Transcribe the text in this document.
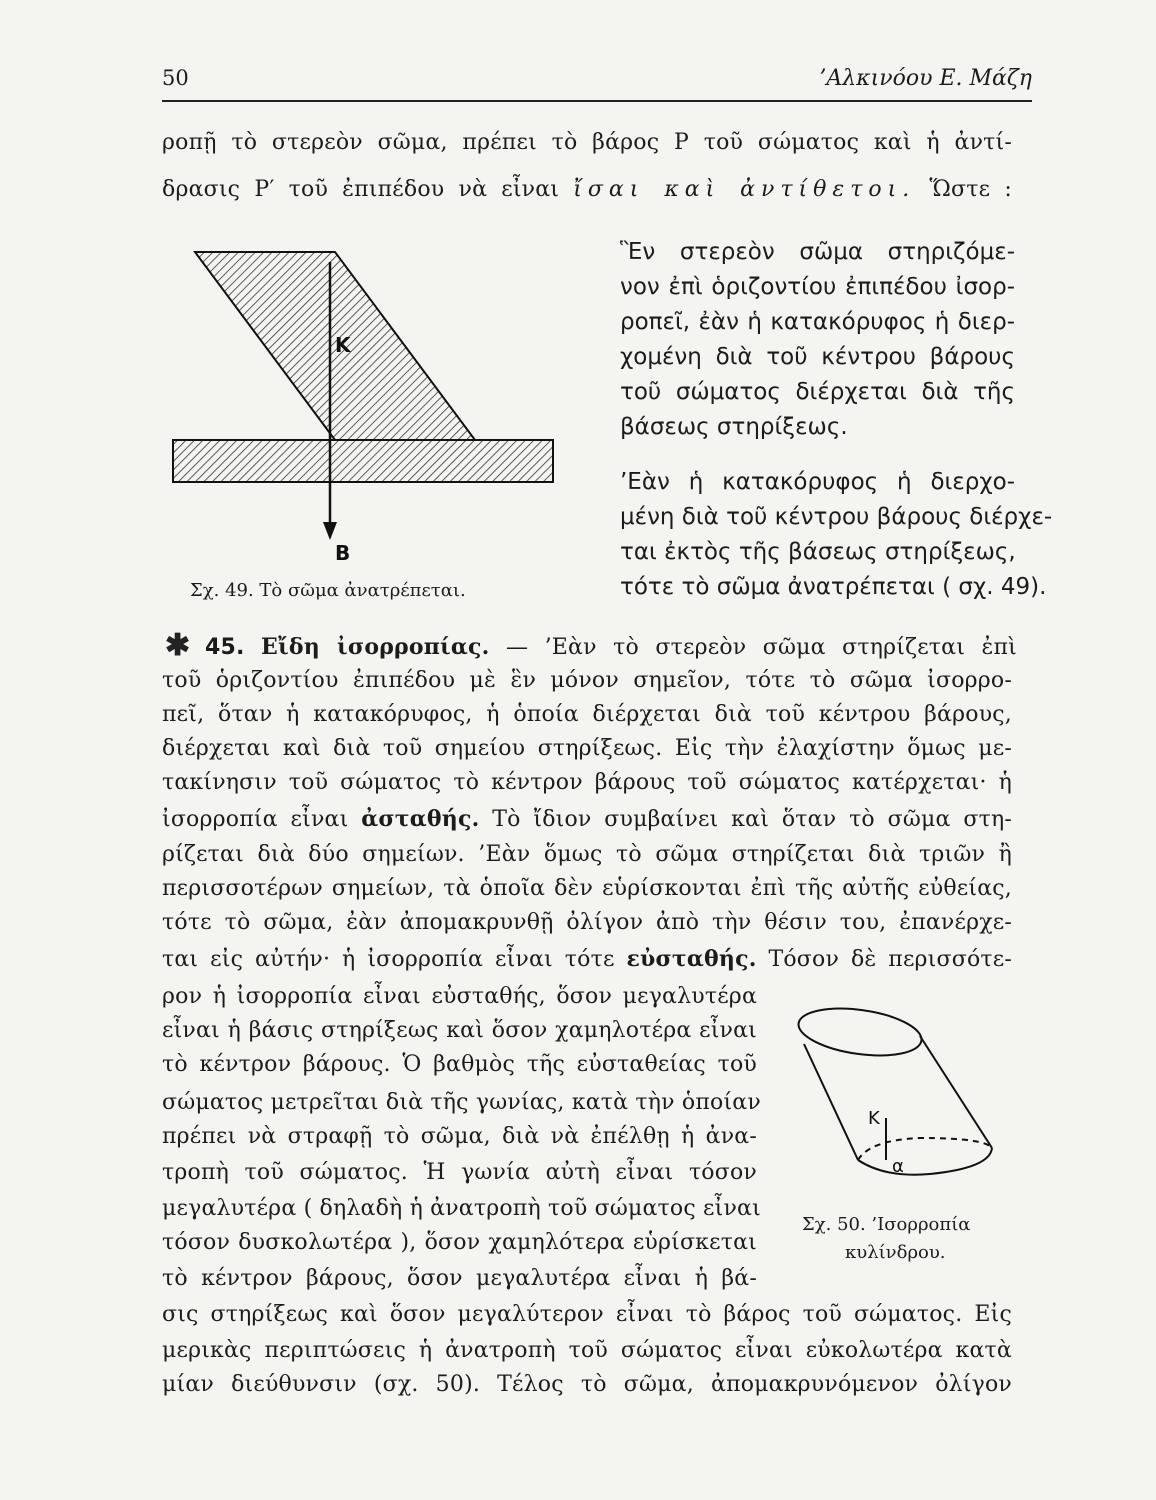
50	’Αλκινόου Ε. Μάζη
ροπῇ τὸ στερεὸν σῶμα, πρέπει τὸ βάρος Ρ τοῦ σώματος καὶ ἡ ἀντί-
δρασις Ρ′ τοῦ ἐπιπέδου νὰ εἶναι ἴσαι καὶ ἀντίθετοι. Ὥστε :
K
B
Σχ. 49. Τὸ σῶμα ἀνατρέπεται.
Ἓν στερεὸν σῶμα στηριζόμε-
νον ἐπὶ ὁριζοντίου ἐπιπέδου ἰσορ-
ροπεῖ, ἐὰν ἡ κατακόρυφος ἡ διερ-
χομένη διὰ τοῦ κέντρου βάρους
τοῦ σώματος διέρχεται διὰ τῆς
βάσεως στηρίξεως.
’Εὰν ἡ κατακόρυφος ἡ διερχο-
μένη διὰ τοῦ κέντρου βάρους διέρχε-
ται ἐκτὸς τῆς βάσεως στηρίξεως,
τότε τὸ σῶμα ἀνατρέπεται ( σχ. 49).
✱ 45. Εἴδη ἰσορροπίας. — ’Εὰν τὸ στερεὸν σῶμα στηρίζεται ἐπὶ
τοῦ ὁριζοντίου ἐπιπέδου μὲ ἓν μόνον σημεῖον, τότε τὸ σῶμα ἰσορρο-
πεῖ, ὅταν ἡ κατακόρυφος, ἡ ὁποία διέρχεται διὰ τοῦ κέντρου βάρους,
διέρχεται καὶ διὰ τοῦ σημείου στηρίξεως. Εἰς τὴν ἐλαχίστην ὅμως με-
τακίνησιν τοῦ σώματος τὸ κέντρον βάρους τοῦ σώματος κατέρχεται· ἡ
ἰσορροπία εἶναι ἀσταθής. Τὸ ἴδιον συμβαίνει καὶ ὅταν τὸ σῶμα στη-
ρίζεται διὰ δύο σημείων. ’Εὰν ὅμως τὸ σῶμα στηρίζεται διὰ τριῶν ἢ
περισσοτέρων σημείων, τὰ ὁποῖα δὲν εὑρίσκονται ἐπὶ τῆς αὐτῆς εὐθείας,
τότε τὸ σῶμα, ἐὰν ἀπομακρυνθῇ ὀλίγον ἀπὸ τὴν θέσιν του, ἐπανέρχε-
ται εἰς αὐτήν· ἡ ἰσορροπία εἶναι τότε εὐσταθής. Τόσον δὲ περισσότε-
ρον ἡ ἰσορροπία εἶναι εὐσταθής, ὅσον μεγαλυτέρα
εἶναι ἡ βάσις στηρίξεως καὶ ὅσον χαμηλοτέρα εἶναι
τὸ κέντρον βάρους. Ὁ βαθμὸς τῆς εὐσταθείας τοῦ
σώματος μετρεῖται διὰ τῆς γωνίας, κατὰ τὴν ὁποίαν
πρέπει νὰ στραφῇ τὸ σῶμα, διὰ νὰ ἐπέλθῃ ἡ ἀνα-
τροπὴ τοῦ σώματος. Ἡ γωνία αὐτὴ εἶναι τόσον
μεγαλυτέρα ( δηλαδὴ ἡ ἀνατροπὴ τοῦ σώματος εἶναι
τόσον δυσκολωτέρα ), ὅσον χαμηλότερα εὑρίσκεται
τὸ κέντρον βάρους, ὅσον μεγαλυτέρα εἶναι ἡ βά-
σις στηρίξεως καὶ ὅσον μεγαλύτερον εἶναι τὸ βάρος τοῦ σώματος. Εἰς
μερικὰς περιπτώσεις ἡ ἀνατροπὴ τοῦ σώματος εἶναι εὐκολωτέρα κατὰ
μίαν διεύθυνσιν (σχ. 50). Τέλος τὸ σῶμα, ἀπομακρυνόμενον ὀλίγον
K
α
Σχ. 50. ’Ισορροπία
κυλίνδρου.
